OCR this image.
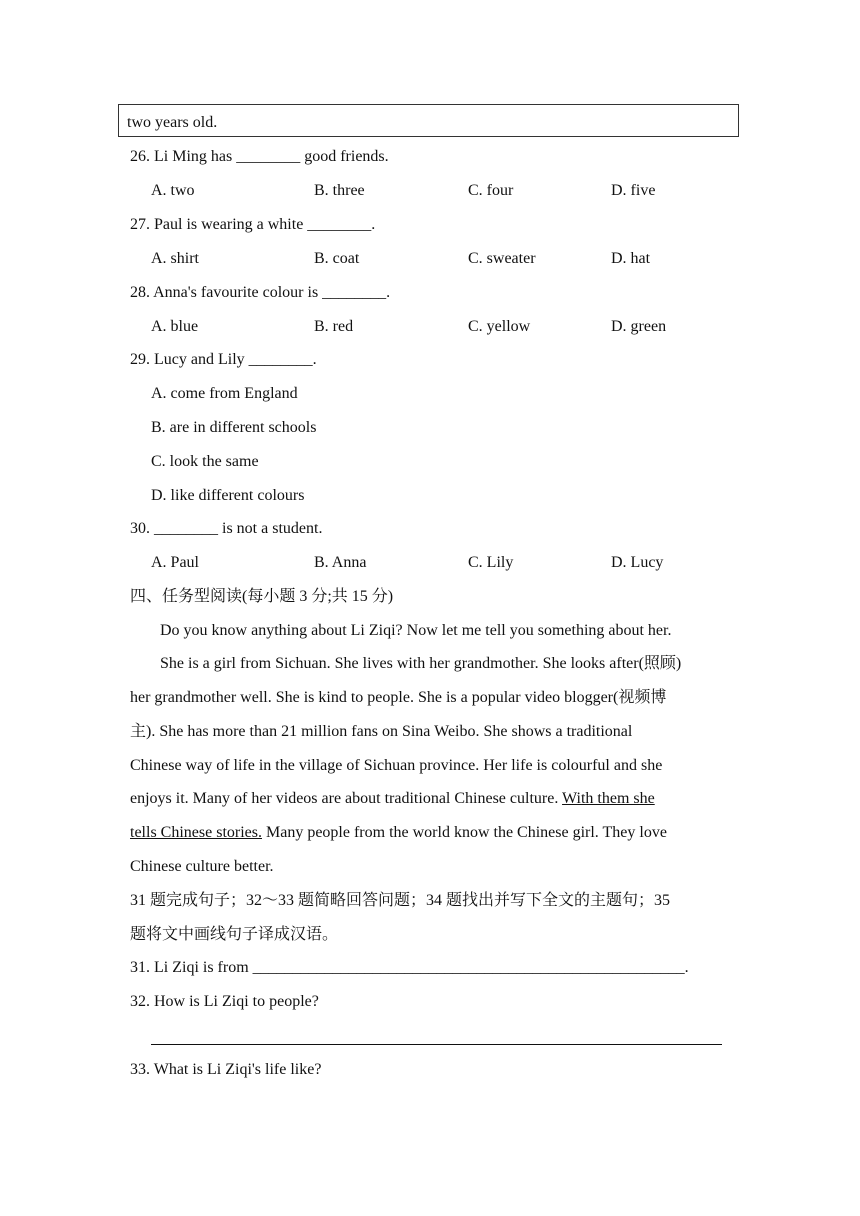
two years old.
26. Li Ming has ________ good friends.
A. two	B. three	C. four	D. five
27. Paul is wearing a white ________.
A. shirt	B. coat	C. sweater	D. hat
28. Anna's favourite colour is ________.
A. blue	B. red	C. yellow	D. green
29. Lucy and Lily ________.
A. come from England
B. are in different schools
C. look the same
D. like different colours
30. ________ is not a student.
A. Paul	B. Anna	C. Lily	D. Lucy
四、任务型阅读(每小题 3 分;共 15 分)
Do you know anything about Li Ziqi? Now let me tell you something about her.
She is a girl from Sichuan. She lives with her grandmother. She looks after(照顾)
her grandmother well. She is kind to people. She is a popular video blogger(视频博
主). She has more than 21 million fans on Sina Weibo. She shows a traditional
Chinese way of life in the village of Sichuan province. Her life is colourful and she
enjoys it. Many of her videos are about traditional Chinese culture. With them she
tells Chinese stories. Many people from the world know the Chinese girl. They love
Chinese culture better.
31 题完成句子；32～33 题简略回答问题；34 题找出并写下全文的主题句；35
题将文中画线句子译成汉语。
31. Li Ziqi is from ______________________________________________________.
32. How is Li Ziqi to people?
33. What is Li Ziqi's life like?
